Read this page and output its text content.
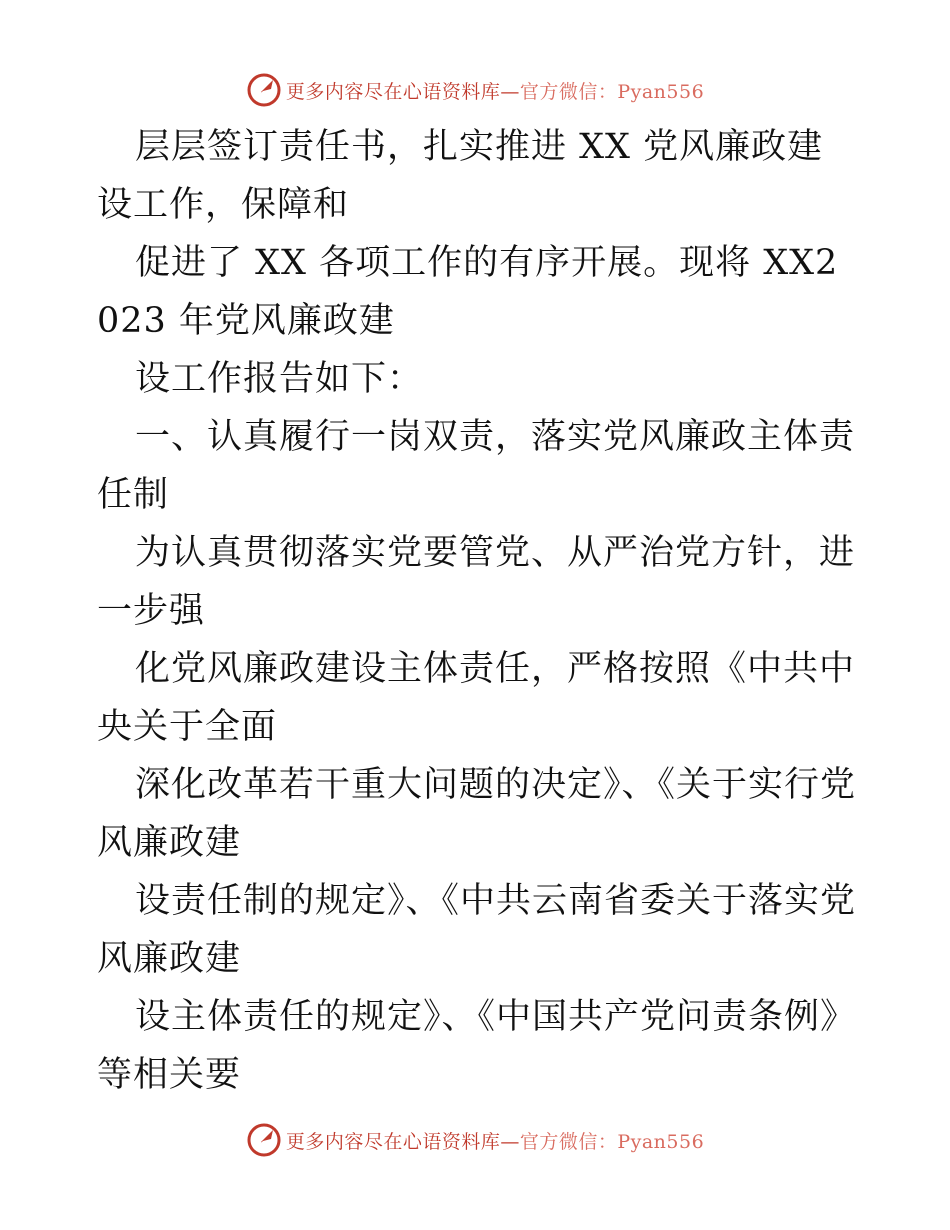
更多内容尽在心语资料库—官方微信：Pyan556

层层签订责任书，扎实推进 XX 党风廉政建设工作，保障和

促进了 XX 各项工作的有序开展。现将 XX2023 年党风廉政建

设工作报告如下：

一、认真履行一岗双责，落实党风廉政主体责任制

为认真贯彻落实党要管党、从严治党方针，进一步强

化党风廉政建设主体责任，严格按照《中共中央关于全面

深化改革若干重大问题的决定》、《关于实行党风廉政建

设责任制的规定》、《中共云南省委关于落实党风廉政建

设主体责任的规定》、《中国共产党问责条例》等相关要

更多内容尽在心语资料库—官方微信：Pyan556
